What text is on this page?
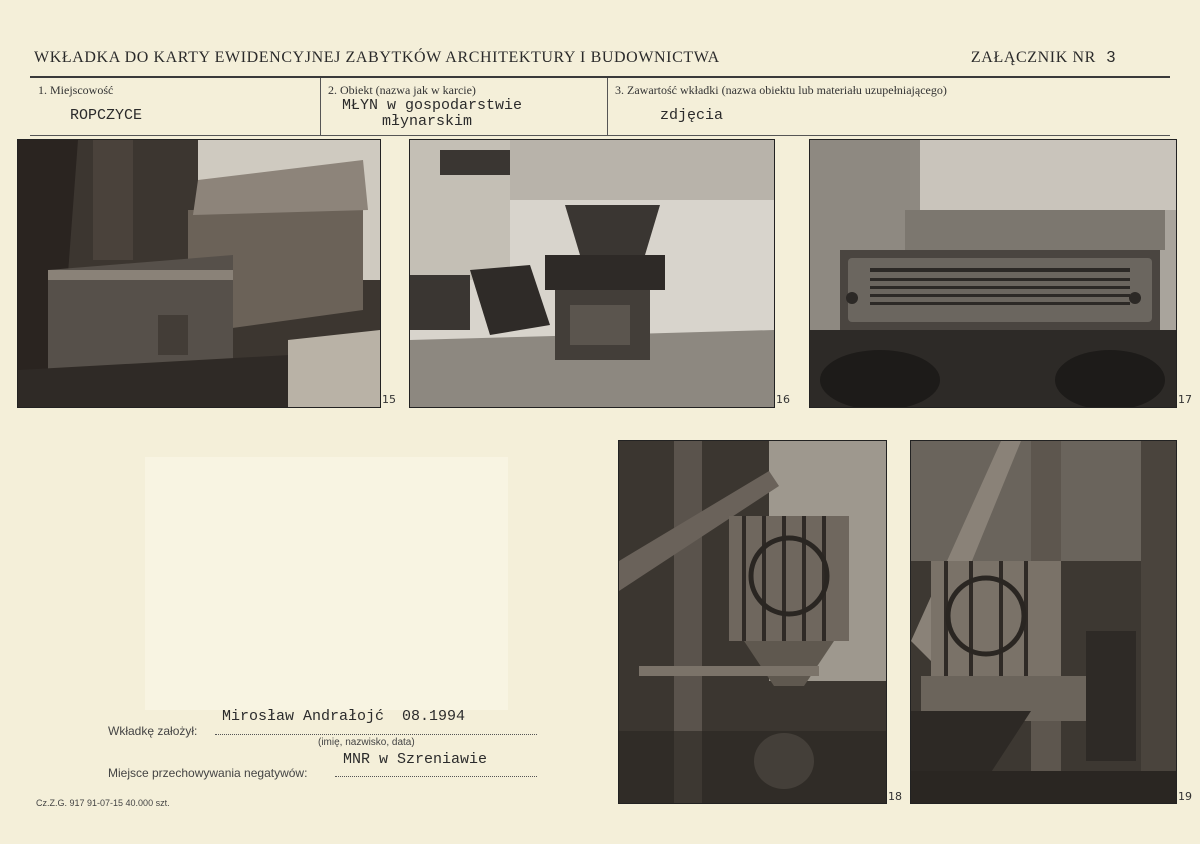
WKŁADKA DO KARTY EWIDENCYJNEJ ZABYTKÓW ARCHITEKTURY I BUDOWNICTWA	ZAŁĄCZNIK NR 3
1. Miejscowość
ROPCZYCE
2. Obiekt (nazwa jak w karcie)
MŁYN w gospodarstwie
młynarskim
3. Zawartość wkładki (nazwa obiektu lub materiału uzupełniającego)
zdjęcia
15	16	17
18	19
Mirosław Andrałojć  08.1994
Wkładkę założył:
(imię, nazwisko, data)
MNR w Szreniawie
Miejsce przechowywania negatywów:
Cz.Z.G. 917 91-07-15 40.000 szt.
